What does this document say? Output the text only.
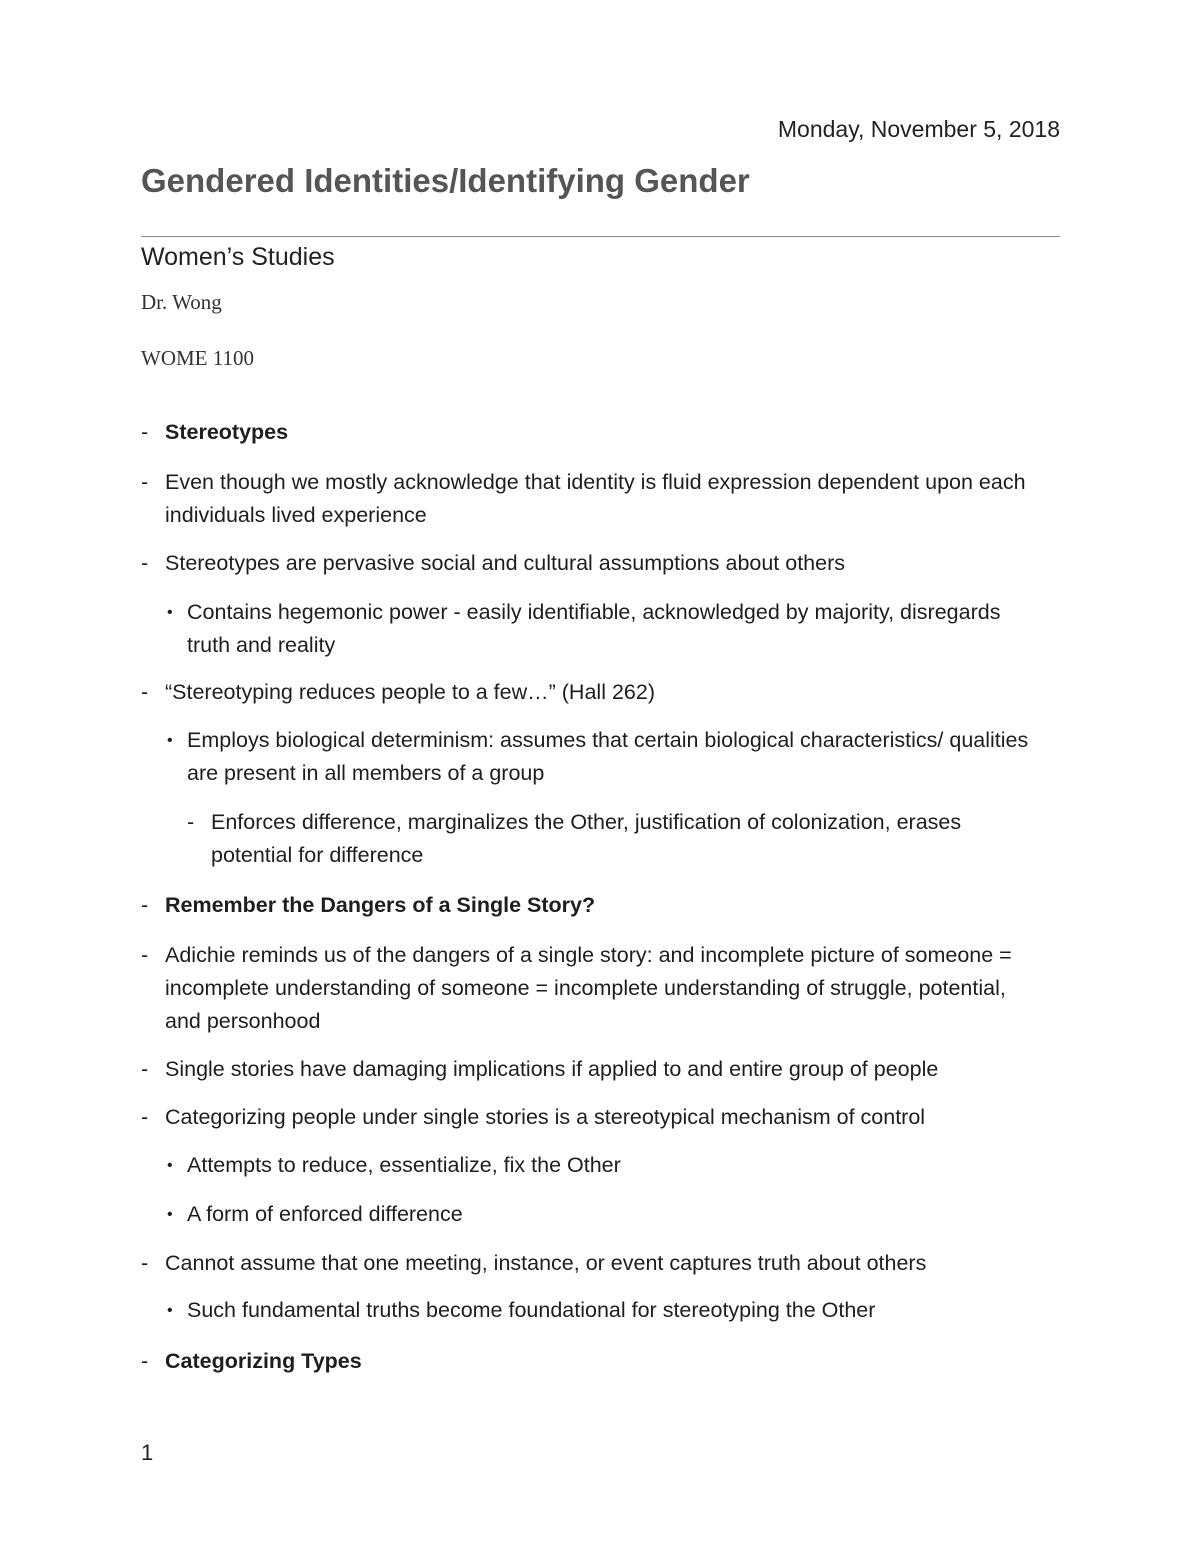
Monday, November 5, 2018
Gendered Identities/Identifying Gender
Women’s Studies
Dr. Wong
WOME 1100
- Stereotypes
- Even though we mostly acknowledge that identity is fluid expression dependent upon each individuals lived experience
- Stereotypes are pervasive social and cultural assumptions about others
• Contains hegemonic power - easily identifiable, acknowledged by majority, disregards truth and reality
- “Stereotyping reduces people to a few…” (Hall 262)
• Employs biological determinism: assumes that certain biological characteristics/ qualities are present in all members of a group
- Enforces difference, marginalizes the Other, justification of colonization, erases potential for difference
- Remember the Dangers of a Single Story?
- Adichie reminds us of the dangers of a single story: and incomplete picture of someone = incomplete understanding of someone = incomplete understanding of struggle, potential, and personhood
- Single stories have damaging implications if applied to and entire group of people
- Categorizing people under single stories is a stereotypical mechanism of control
• Attempts to reduce, essentialize, fix the Other
• A form of enforced difference
- Cannot assume that one meeting, instance, or event captures truth about others
• Such fundamental truths become foundational for stereotyping the Other
- Categorizing Types
1
